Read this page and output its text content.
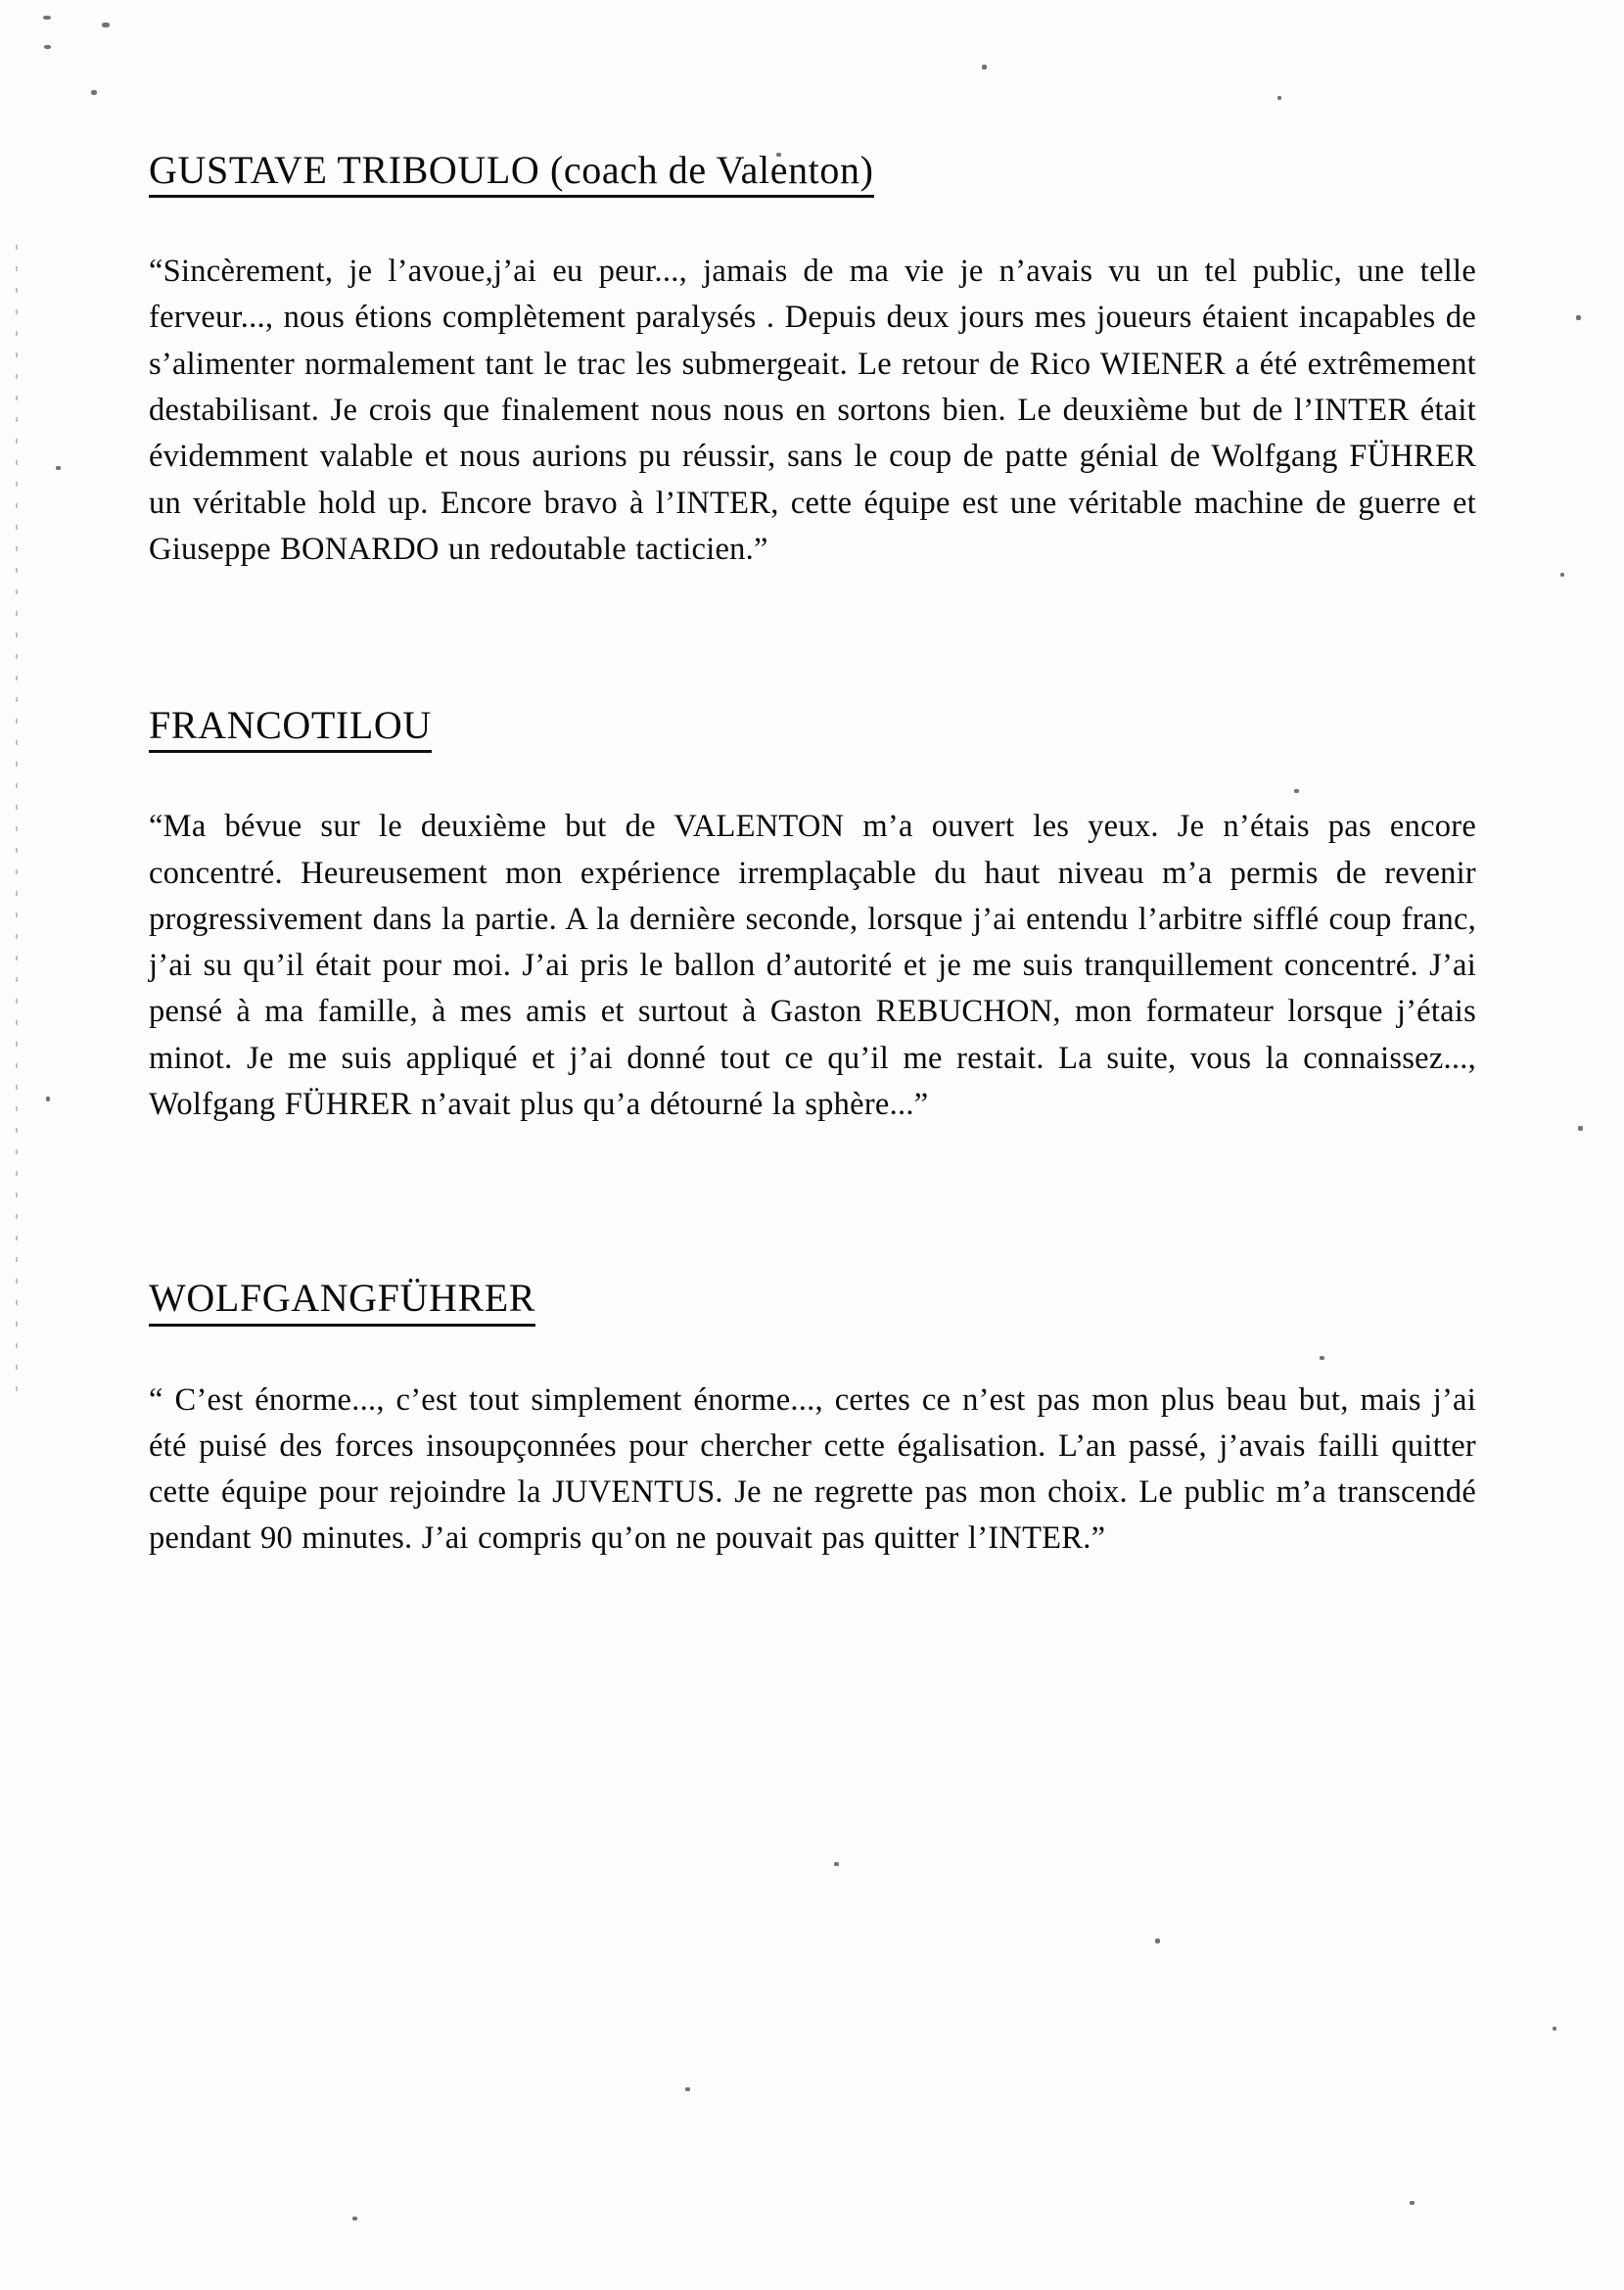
GUSTAVE TRIBOULO (coach de Valenton)

“Sincèrement, je l’avoue,j’ai eu peur..., jamais de ma vie je n’avais vu un tel public, une telle ferveur..., nous étions complètement paralysés . Depuis deux jours mes joueurs étaient incapables de s’alimenter normalement tant le trac les submergeait. Le retour de Rico WIENER a été extrêmement destabilisant. Je crois que finalement nous nous en sortons bien. Le deuxième but de l’INTER était évidemment valable et nous aurions pu réussir, sans le coup de patte génial de Wolfgang FÜHRER un véritable hold up. Encore bravo à l’INTER, cette équipe est une véritable machine de guerre et Giuseppe BONARDO un redoutable tacticien.”

FRANCOTILOU

“Ma bévue sur le deuxième but de VALENTON m’a ouvert les yeux. Je n’étais pas encore concentré. Heureusement mon expérience irremplaçable du haut niveau m’a permis de revenir progressivement dans la partie. A la dernière seconde, lorsque j’ai entendu l’arbitre sifflé coup franc, j’ai su qu’il était pour moi. J’ai pris le ballon d’autorité et je me suis tranquillement concentré. J’ai pensé à ma famille, à mes amis et surtout à Gaston REBUCHON, mon formateur lorsque j’étais minot. Je me suis appliqué et j’ai donné tout ce qu’il me restait. La suite, vous la connaissez..., Wolfgang FÜHRER n’avait plus qu’a détourné la sphère...”

WOLFGANGFÜHRER

“ C’est énorme..., c’est tout simplement énorme..., certes ce n’est pas mon plus beau but, mais j’ai été puisé des forces insoupçonnées pour chercher cette égalisation. L’an passé, j’avais failli quitter cette équipe pour rejoindre la JUVENTUS. Je ne regrette pas mon choix. Le public m’a transcendé pendant 90 minutes. J’ai compris qu’on ne pouvait pas quitter l’INTER.”
